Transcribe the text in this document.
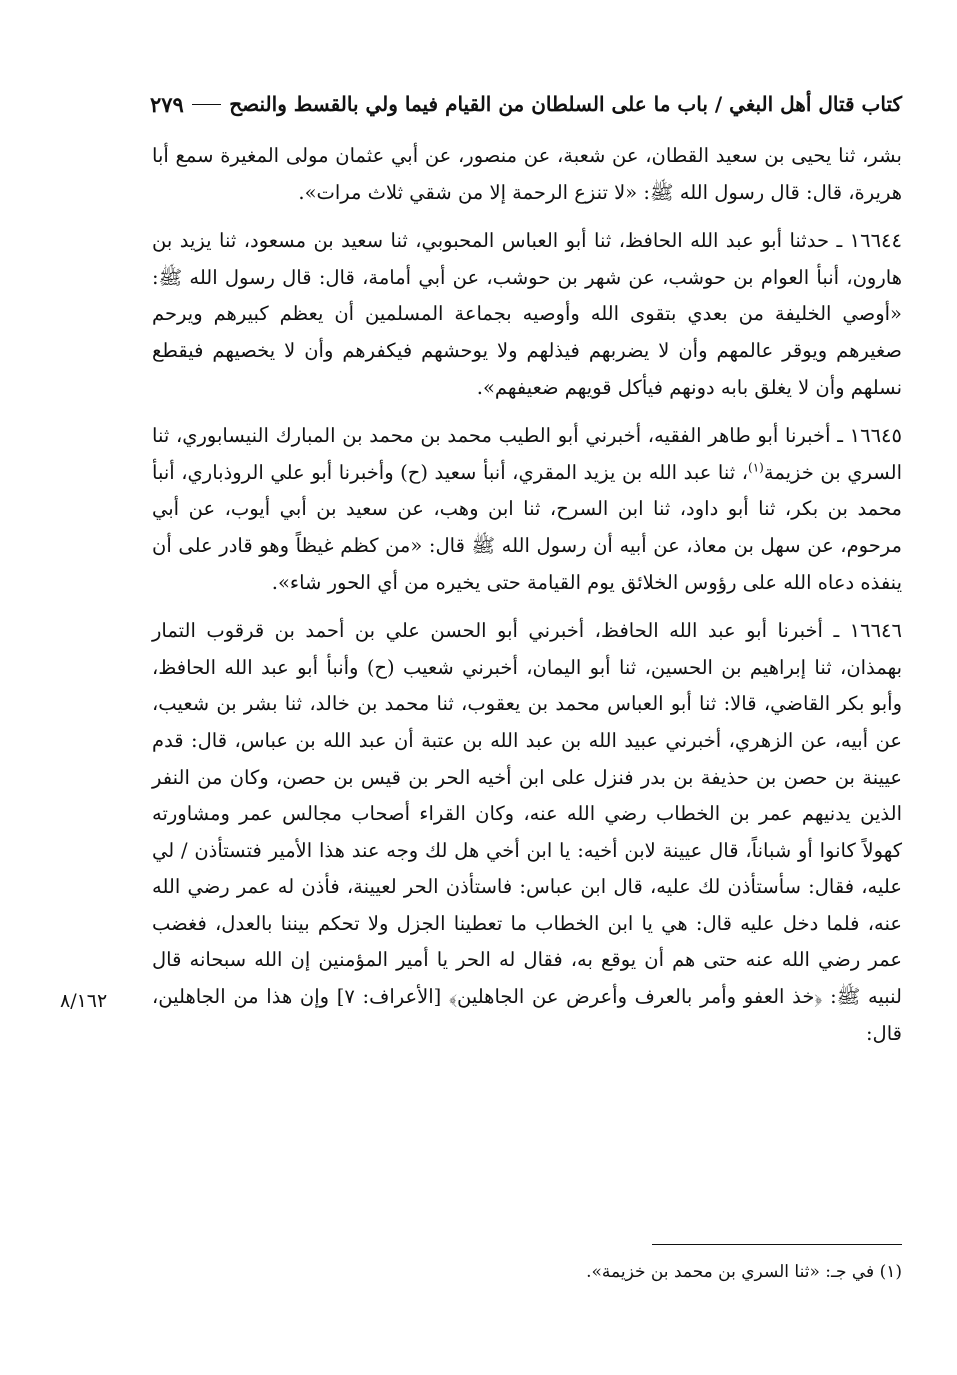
كتاب قتال أهل البغي / باب ما على السلطان من القيام فيما ولي بالقسط والنصح
٢٧٩

بشر، ثنا يحيى بن سعيد القطان، عن شعبة، عن منصور، عن أبي عثمان مولى المغيرة سمع أبا هريرة، قال: قال رسول الله ﷺ: «لا تنزع الرحمة إلا من شقي ثلاث مرات».

١٦٦٤٤ ـ حدثنا أبو عبد الله الحافظ، ثنا أبو العباس المحبوبي، ثنا سعيد بن مسعود، ثنا يزيد بن هارون، أنبأ العوام بن حوشب، عن شهر بن حوشب، عن أبي أمامة، قال: قال رسول الله ﷺ: «أوصي الخليفة من بعدي بتقوى الله وأوصيه بجماعة المسلمين أن يعظم كبيرهم ويرحم صغيرهم ويوقر عالمهم وأن لا يضربهم فيذلهم ولا يوحشهم فيكفرهم وأن لا يخصيهم فيقطع نسلهم وأن لا يغلق بابه دونهم فيأكل قويهم ضعيفهم».

١٦٦٤٥ ـ أخبرنا أبو طاهر الفقيه، أخبرني أبو الطيب محمد بن محمد بن المبارك النيسابوري، ثنا السري بن خزيمة$^{(١)}$، ثنا عبد الله بن يزيد المقري، أنبأ سعيد (ح) وأخبرنا أبو علي الروذباري، أنبأ محمد بن بكر، ثنا أبو داود، ثنا ابن السرح، ثنا ابن وهب، عن سعيد بن أبي أيوب، عن أبي مرحوم، عن سهل بن معاذ، عن أبيه أن رسول الله ﷺ قال: «من كظم غيظاً وهو قادر على أن ينفذه دعاه الله على رؤوس الخلائق يوم القيامة حتى يخيره من أي الحور شاء».

١٦٦٤٦ ـ أخبرنا أبو عبد الله الحافظ، أخبرني أبو الحسن علي بن أحمد بن قرقوب التمار بهمذان، ثنا إبراهيم بن الحسين، ثنا أبو اليمان، أخبرني شعيب (ح) وأنبأ أبو عبد الله الحافظ، وأبو بكر القاضي، قالا: ثنا أبو العباس محمد بن يعقوب، ثنا محمد بن خالد، ثنا بشر بن شعيب، عن أبيه، عن الزهري، أخبرني عبيد الله بن عبد الله بن عتبة أن عبد الله بن عباس، قال: قدم عيينة بن حصن بن حذيفة بن بدر فنزل على ابن أخيه الحر بن قيس بن حصن، وكان من النفر الذين يدنيهم عمر بن الخطاب رضي الله عنه، وكان القراء أصحاب مجالس عمر ومشاورته كهولاً كانوا أو شباناً، قال عيينة لابن أخيه: يا ابن أخي هل لك وجه عند هذا الأمير فتستأذن / لي عليه، فقال: سأستأذن لك عليه، قال ابن عباس: فاستأذن الحر لعيينة، فأذن له عمر رضي الله عنه، فلما دخل عليه قال: هي يا ابن الخطاب ما تعطينا الجزل ولا تحكم بيننا بالعدل، فغضب عمر رضي الله عنه حتى هم أن يوقع به، فقال له الحر يا أمير المؤمنين إن الله سبحانه قال لنبيه ﷺ: ﴿خذ العفو وأمر بالعرف وأعرض عن الجاهلين﴾ [الأعراف: ٧] وإن هذا من الجاهلين، قال:

٨/١٦٢
(١) في جـ: «ثنا السري بن محمد بن خزيمة».
